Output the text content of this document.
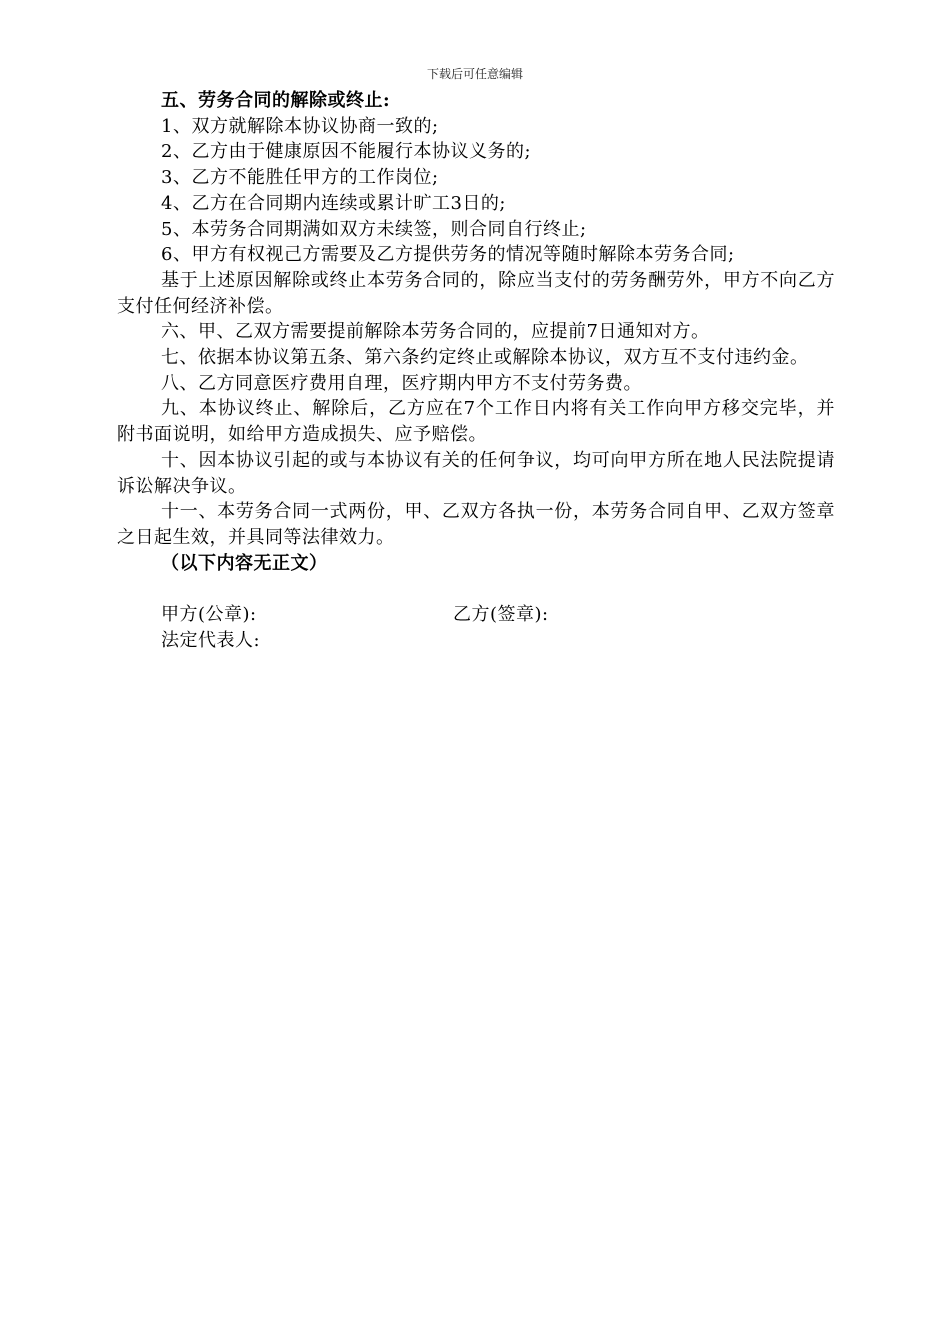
下载后可任意编辑

五、劳务合同的解除或终止:

1、双方就解除本协议协商一致的;

2、乙方由于健康原因不能履行本协议义务的;

3、乙方不能胜任甲方的工作岗位;

4、乙方在合同期内连续或累计旷工3日的;

5、本劳务合同期满如双方未续签，则合同自行终止;

6、甲方有权视己方需要及乙方提供劳务的情况等随时解除本劳务合同;

基于上述原因解除或终止本劳务合同的，除应当支付的劳务酬劳外，甲方不向乙方支付任何经济补偿。

六、甲、乙双方需要提前解除本劳务合同的，应提前7日通知对方。

七、依据本协议第五条、第六条约定终止或解除本协议，双方互不支付违约金。

八、乙方同意医疗费用自理，医疗期内甲方不支付劳务费。

九、本协议终止、解除后，乙方应在7个工作日内将有关工作向甲方移交完毕，并附书面说明，如给甲方造成损失、应予赔偿。

十、因本协议引起的或与本协议有关的任何争议，均可向甲方所在地人民法院提请诉讼解决争议。

十一、本劳务合同一式两份，甲、乙双方各执一份，本劳务合同自甲、乙双方签章之日起生效，并具同等法律效力。

（以下内容无正文）

甲方(公章):	乙方(签章):
法定代表人:
